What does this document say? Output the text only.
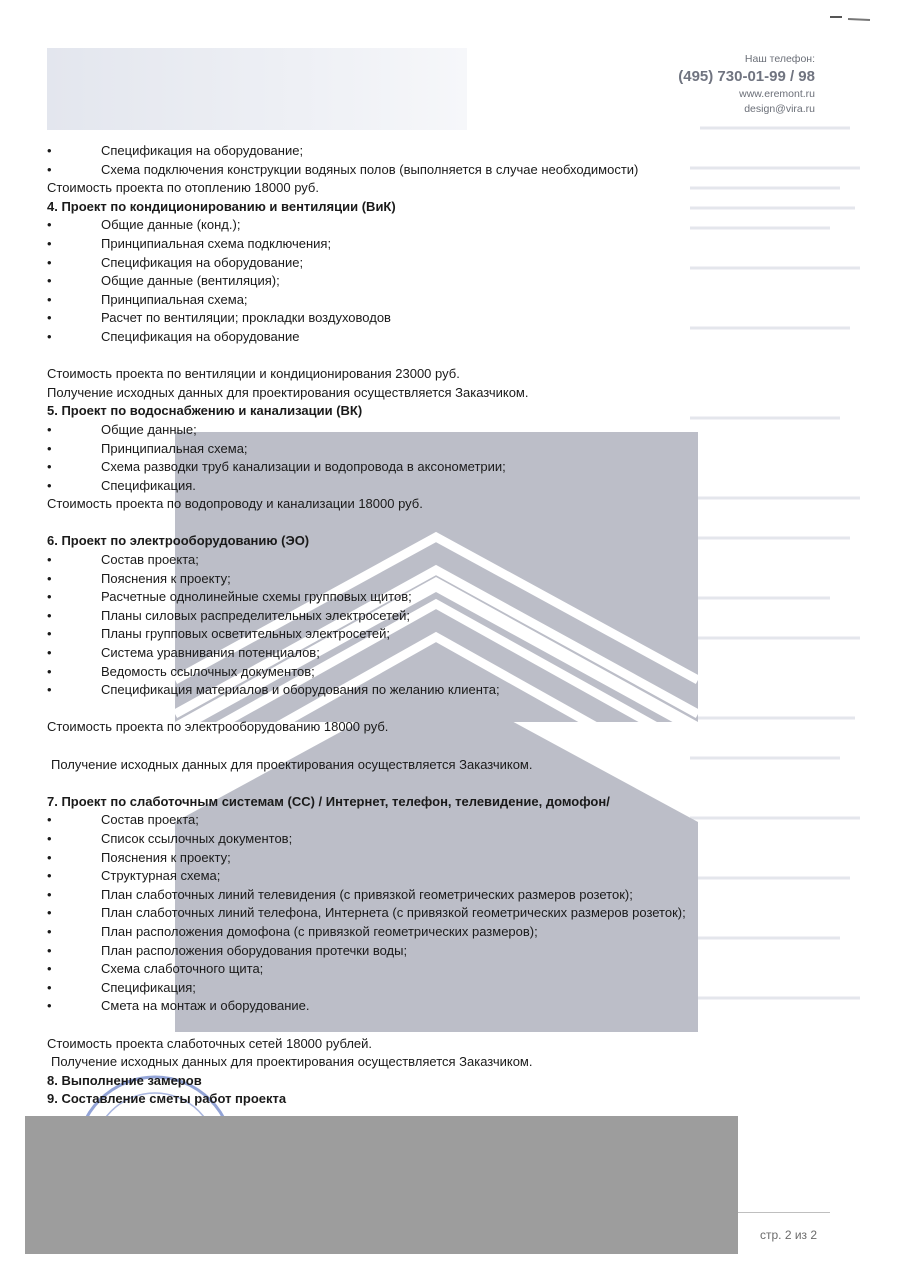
Наш телефон:
(495) 730-01-99 / 98
www.eremont.ru
design@vira.ru
•	Спецификация на оборудование;
•	Схема подключения конструкции водяных полов (выполняется в случае необходимости)
Стоимость проекта по отоплению 18000 руб.
4. Проект по кондиционированию и вентиляции (ВиК)
•	Общие данные (конд.);
•	Принципиальная схема подключения;
•	Спецификация на оборудование;
•	Общие данные (вентиляция);
•	Принципиальная схема;
•	Расчет по вентиляции; прокладки воздуховодов
•	Спецификация на оборудование
Стоимость проекта по вентиляции и кондиционирования 23000 руб.
Получение исходных данных для проектирования осуществляется Заказчиком.
5. Проект по водоснабжению и канализации (ВК)
•	Общие данные;
•	Принципиальная схема;
•	Схема разводки труб канализации и водопровода в аксонометрии;
•	Спецификация.
Стоимость проекта по водопроводу и канализации 18000 руб.
6. Проект по электрооборудованию (ЭО)
•	Состав проекта;
•	Пояснения к проекту;
•	Расчетные однолинейные схемы групповых щитов;
•	Планы силовых распределительных электросетей;
•	Планы групповых осветительных электросетей;
•	Система уравнивания потенциалов;
•	Ведомость ссылочных документов;
•	Спецификация материалов и оборудования по желанию клиента;
Стоимость проекта по электрооборудованию 18000 руб.
Получение исходных данных для проектирования осуществляется Заказчиком.
7. Проект по слаботочным системам (СС) / Интернет, телефон, телевидение, домофон/
•	Состав проекта;
•	Список ссылочных документов;
•	Пояснения к проекту;
•	Структурная схема;
•	План слаботочных линий телевидения (с привязкой геометрических размеров розеток);
•	План слаботочных линий телефона, Интернета (с привязкой геометрических размеров розеток);
•	План расположения домофона (с привязкой геометрических размеров);
•	План расположения оборудования протечки воды;
•	Схема слаботочного щита;
•	Спецификация;
•	Смета на монтаж и оборудование.
Стоимость проекта слаботочных сетей 18000 рублей.
Получение исходных данных для проектирования осуществляется Заказчиком.
8. Выполнение замеров
9. Составление сметы работ проекта
стр. 2 из 2
